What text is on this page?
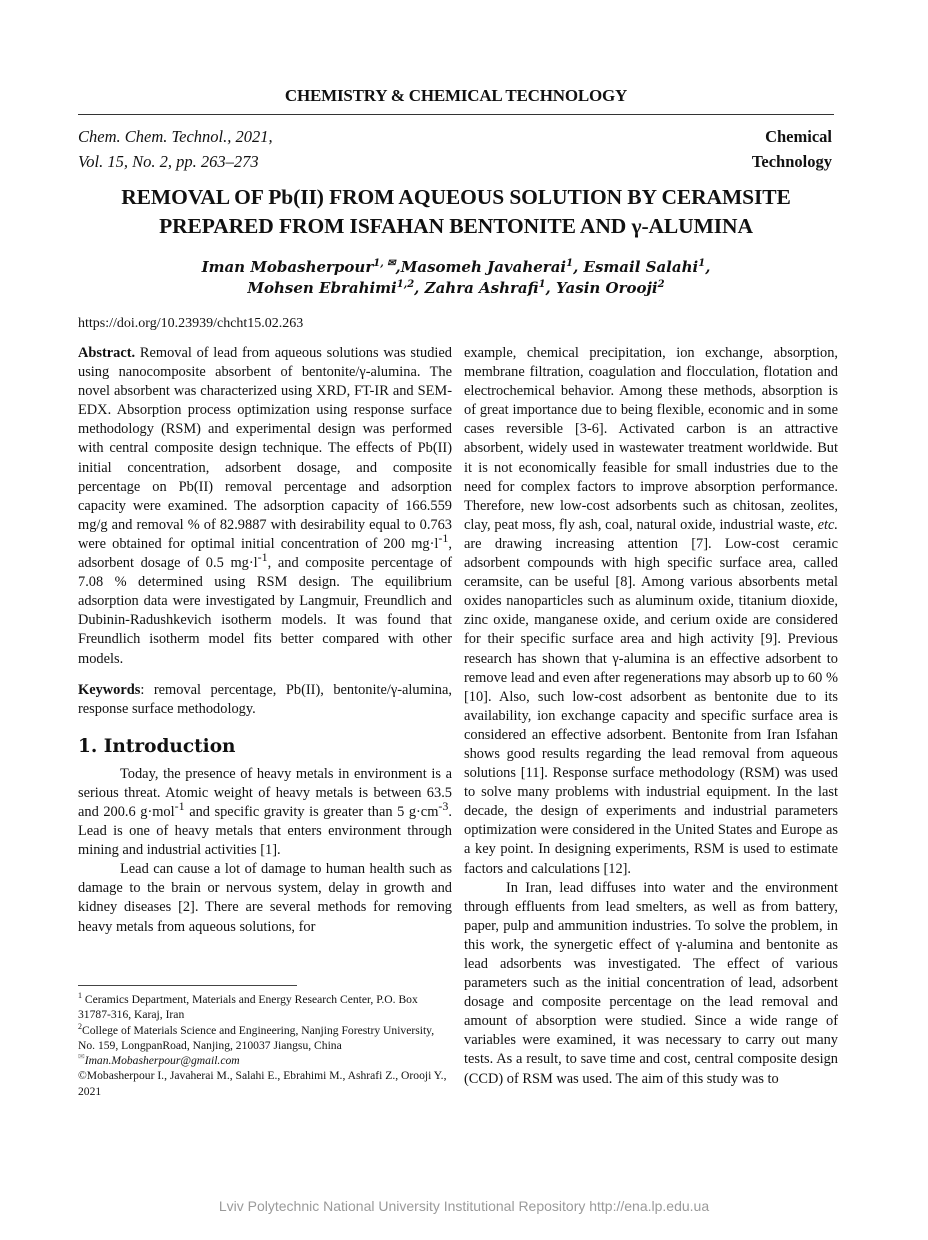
CHEMISTRY & CHEMICAL TECHNOLOGY
Chem. Chem. Technol., 2021,
Vol. 15, No. 2, pp. 263–273
Chemical
Technology
REMOVAL OF Pb(II) FROM AQUEOUS SOLUTION BY CERAMSITE
PREPARED FROM ISFAHAN BENTONITE AND γ-ALUMINA
Iman Mobasherpour$^{1, ✉}$,Masomeh Javaherai$^1$, Esmail Salahi$^1$,
Mohsen Ebrahimi$^{1,2}$, Zahra Ashrafi$^1$, Yasin Orooji$^2$
https://doi.org/10.23939/chcht15.02.263

Abstract. Removal of lead from aqueous solutions was studied using nanocomposite absorbent of bentonite/γ-alumina. The novel absorbent was characterized using XRD, FT-IR and SEM-EDX. Absorption process optimization using response surface methodology (RSM) and experimental design was performed with central composite design technique. The effects of Pb(II) initial concentration, adsorbent dosage, and composite percentage on Pb(II) removal percentage and adsorption capacity were examined. The adsorption capacity of 166.559 mg/g and removal % of 82.9887 with desirability equal to 0.763 were obtained for optimal initial concentration of 200 $mg\cdot l^{-1}$, adsorbent dosage of 0.5 $mg\cdot l^{-1}$, and composite percentage of 7.08 % determined using RSM design. The equilibrium adsorption data were investigated by Langmuir, Freundlich and Dubinin-Radushkevich isotherm models. It was found that Freundlich isotherm model fits better compared with other models.

Keywords: removal percentage, Pb(II), bentonite/γ-alumina, response surface methodology.

1. Introduction

Today, the presence of heavy metals in environment is a serious threat. Atomic weight of heavy metals is between 63.5 and 200.6 g·mol$^{-1}$ and specific gravity is greater than 5 $g\cdot cm^{-3}$. Lead is one of heavy metals that enters environment through mining and industrial activities [1].

Lead can cause a lot of damage to human health such as damage to the brain or nervous system, delay in growth and kidney diseases [2]. There are several methods for removing heavy metals from aqueous solutions, for

example, chemical precipitation, ion exchange, absorption, membrane filtration, coagulation and flocculation, flotation and electrochemical behavior. Among these methods, absorption is of great importance due to being flexible, economic and in some cases reversible [3-6]. Activated carbon is an attractive absorbent, widely used in wastewater treatment worldwide. But it is not economically feasible for small industries due to the need for complex factors to improve absorption performance. Therefore, new low-cost adsorbents such as chitosan, zeolites, clay, peat moss, fly ash, coal, natural oxide, industrial waste, etc. are drawing increasing attention [7]. Low-cost ceramic adsorbent compounds with high specific surface area, called ceramsite, can be useful [8]. Among various absorbents metal oxides nanoparticles such as aluminum oxide, titanium dioxide, zinc oxide, manganese oxide, and cerium oxide are considered for their specific surface area and high activity [9]. Previous research has shown that γ-alumina is an effective adsorbent to remove lead and even after regenerations may absorb up to 60 % [10]. Also, such low-cost adsorbent as bentonite due to its availability, ion exchange capacity and specific surface area is considered an effective adsorbent. Bentonite from Iran Isfahan shows good results regarding the lead removal from aqueous solutions [11]. Response surface methodology (RSM) was used to solve many problems with industrial equipment. In the last decade, the design of experiments and industrial parameters optimization were considered in the United States and Europe as a key point. In designing experiments, RSM is used to estimate factors and calculations [12].

In Iran, lead diffuses into water and the environment through effluents from lead smelters, as well as from battery, paper, pulp and ammunition industries. To solve the problem, in this work, the synergetic effect of γ-alumina and bentonite as lead adsorbents was investigated. The effect of various parameters such as the initial concentration of lead, adsorbent dosage and composite percentage on the lead removal and amount of absorption were studied. Since a wide range of variables were examined, it was necessary to carry out many tests. As a result, to save time and cost, central composite design (CCD) of RSM was used. The aim of this study was to

$^1$ Ceramics Department, Materials and Energy Research Center, P.O. Box 31787-316, Karaj, Iran

$^2$College of Materials Science and Engineering, Nanjing Forestry University,

No. 159, LongpanRoad, Nanjing, 210037 Jiangsu, China

✉Iman.Mobasherpour@gmail.com

©Mobasherpour I., Javaherai M., Salahi E., Ebrahimi M., Ashrafi Z., Orooji Y., 2021

Lviv Polytechnic National University Institutional Repository http://ena.lp.edu.ua
